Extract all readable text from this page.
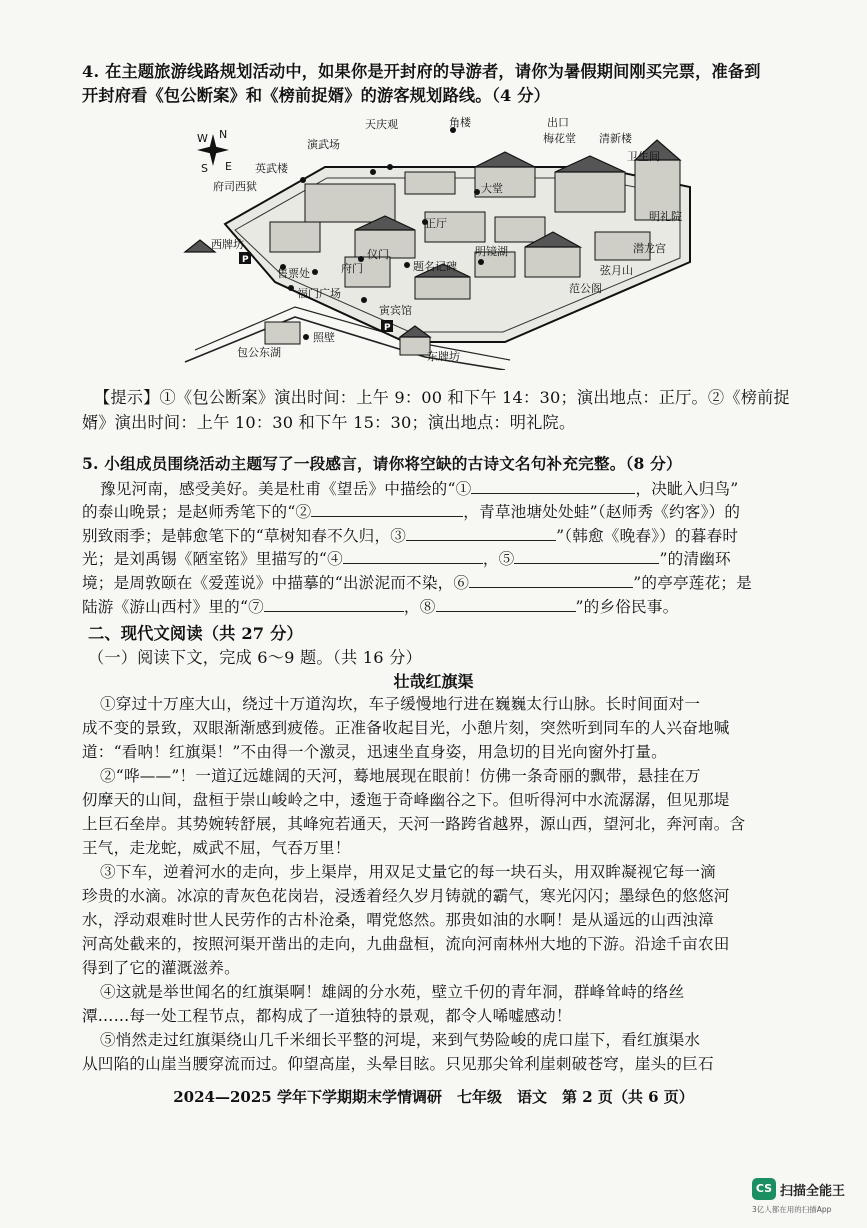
4. 在主题旅游线路规划活动中，如果你是开封府的导游者，请你为暑假期间刚买完票，准备到
开封府看《包公断案》和《榜前捉婿》的游客规划路线。（4 分）
N
W
E
S
P
P
天庆观	角楼	出口
梅花堂 清新楼
卫生间
演武场
英武楼
府司西狱	大堂
正厅
明礼院
西牌坊
仪门
府门	题名记碑
明镜湖	潜龙宫
售票处	弦月山
福门广场	范公阁
寅宾馆
照壁
包公东湖	东牌坊
【提示】①《包公断案》演出时间：上午 9：00 和下午 14：30；演出地点：正厅。②《榜前捉
婿》演出时间：上午 10：30 和下午 15：30；演出地点：明礼院。
5. 小组成员围绕活动主题写了一段感言，请你将空缺的古诗文名句补充完整。（8 分）
豫见河南，感受美好。美是杜甫《望岳》中描绘的“①	，决眦入归鸟”
的泰山晚景；是赵师秀笔下的“②	，青草池塘处处蛙”（赵师秀《约客》）的
别致雨季；是韩愈笔下的“草树知春不久归，③	”（韩愈《晚春》）的暮春时
光；是刘禹锡《陋室铭》里描写的“④	，⑤	”的清幽环
境；是周敦颐在《爱莲说》中描摹的“出淤泥而不染，⑥	”的亭亭莲花；是
陆游《游山西村》里的“⑦	，⑧	”的乡俗民事。
二、现代文阅读（共 27 分）
（一）阅读下文，完成 6～9 题。（共 16 分）
壮哉红旗渠
①穿过十万座大山，绕过十万道沟坎，车子缓慢地行进在巍巍太行山脉。长时间面对一
成不变的景致，双眼渐渐感到疲倦。正准备收起目光，小憩片刻，突然听到同车的人兴奋地喊
道：“看呐！红旗渠！”不由得一个激灵，迅速坐直身姿，用急切的目光向窗外打量。
②“哗——”！一道辽远雄阔的天河，蓦地展现在眼前！仿佛一条奇丽的飘带，悬挂在万
仞摩天的山间，盘桓于崇山峻岭之中，逶迤于奇峰幽谷之下。但听得河中水流潺潺，但见那堤
上巨石垒岸。其势婉转舒展，其峰宛若通天，天河一路跨省越界，源山西，望河北，奔河南。含
王气，走龙蛇，威武不屈，气吞万里！
③下车，逆着河水的走向，步上渠岸，用双足丈量它的每一块石头，用双眸凝视它每一滴
珍贵的水滴。冰凉的青灰色花岗岩，浸透着经久岁月铸就的霸气，寒光闪闪；墨绿色的悠悠河
水，浮动艰难时世人民劳作的古朴沧桑，喟党悠然。那贵如油的水啊！是从遥远的山西浊漳
河高处截来的，按照河渠开凿出的走向，九曲盘桓，流向河南林州大地的下游。沿途千亩农田
得到了它的灌溉滋养。
④这就是举世闻名的红旗渠啊！雄阔的分水苑，壁立千仞的青年洞，群峰耸峙的络丝
潭……每一处工程节点，都构成了一道独特的景观，都令人唏嘘感动！
⑤悄然走过红旗渠绕山几千米细长平整的河堤，来到气势险峻的虎口崖下，看红旗渠水
从凹陷的山崖当腰穿流而过。仰望高崖，头晕目眩。只见那尖耸利崖刺破苍穹，崖头的巨石
2024—2025 学年下学期期末学情调研　七年级　语文　第 2 页（共 6 页）
CS 扫描全能王
3亿人都在用的扫描App
